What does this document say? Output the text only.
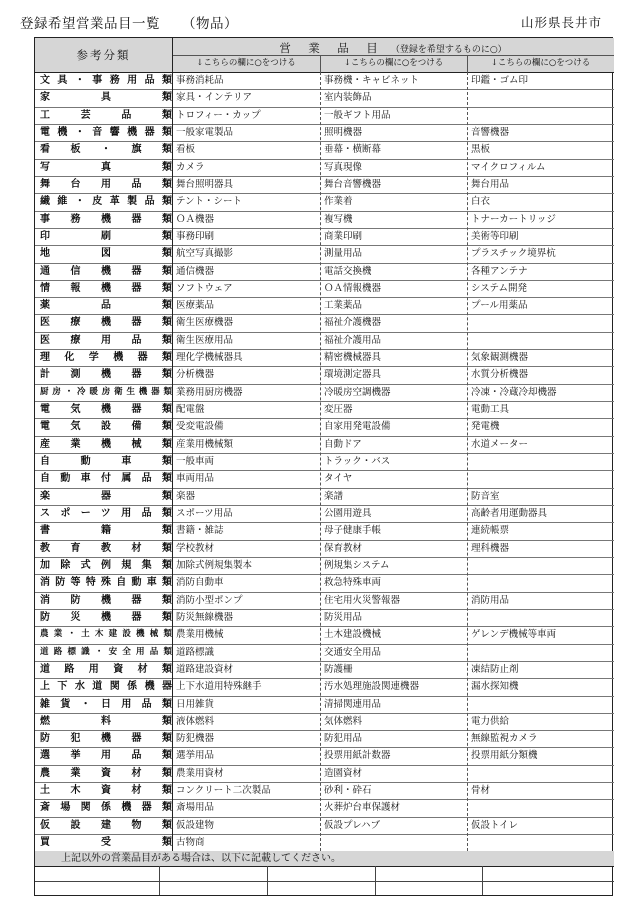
登録希望営業品目一覧 （物品）	山形県長井市
参考分類	営　業　品　目 （登録を希望するものに○）
↓こちらの欄に○をつける	↓こちらの欄に○をつける	↓こちらの欄に○をつける
文具・事務用品類 事務消耗品	事務機・キャビネット	印鑑・ゴム印
家具類 家具・インテリア	室内装飾品
工芸品類 トロフィー・カップ	一般ギフト用品
電機・音響機器類 一般家電製品	照明機器	音響機器
看板・旗類 看板	垂幕・横断幕	黒板
写真類 カメラ	写真現像	マイクロフィルム
舞台用品類 舞台照明器具	舞台音響機器	舞台用品
繊維・皮革製品類 テント・シート	作業着	白衣
事務機器類 ＯＡ機器	複写機	トナーカートリッジ
印刷類 事務印刷	商業印刷	美術等印刷
地図類 航空写真撮影	測量用品	プラスチック境界杭
通信機器類 通信機器	電話交換機	各種アンテナ
情報機器類 ソフトウェア	ＯＡ情報機器	システム開発
薬品類 医療薬品	工業薬品	プール用薬品
医療機器類 衛生医療機器	福祉介護機器
医療用品類 衛生医療用品	福祉介護用品
理化学機器類 理化学機械器具	精密機械器具	気象観測機器
計測機器類 分析機器	環境測定器具	水質分析機器
厨房・冷暖房衛生機器類 業務用厨房機器	冷暖房空調機器	冷凍・冷蔵冷却機器
電気機器類 配電盤	変圧器	電動工具
電気設備類 受変電設備	自家用発電設備	発電機
産業機械類 産業用機械類	自動ドア	水道メーター
自動車類 一般車両	トラック・バス
自動車付属品類 車両用品	タイヤ
楽器類 楽器	楽譜	防音室
スポーツ用品類 スポーツ用品	公園用遊具	高齢者用運動器具
書籍類 書籍・雑誌	母子健康手帳	連続帳票
教育教材類 学校教材	保育教材	理科機器
加除式例規集類 加除式例規集製本	例規集システム
消防等特殊自動車類 消防自動車	救急特殊車両
消防機器類 消防小型ポンプ	住宅用火災警報器	消防用品
防災機器類 防災無線機器	防災用品
農業・土木建設機械類 農業用機械	土木建設機械	ゲレンデ機械等車両
道路標識・安全用品類 道路標識	交通安全用品
道路用資材類 道路建設資材	防護柵	凍結防止剤
上下水道関係機器 上下水道用特殊継手	汚水処理施設関連機器	漏水探知機
雑貨・日用品類 日用雑貨	清掃関連用品
燃料類 液体燃料	気体燃料	電力供給
防犯機器類 防犯機器	防犯用品	無線監視カメラ
選挙用品類 選挙用品	投票用紙計数器	投票用紙分類機
農業資材類 農業用資材	造園資材
土木資材類 コンクリート二次製品	砂利・砕石	骨材
斎場関係機器類 斎場用品	火葬炉台車保護材
仮設建物類 仮設建物	仮設プレハブ	仮設トイレ
買受類 古物商
上記以外の営業品目がある場合は、以下に記載してください。
